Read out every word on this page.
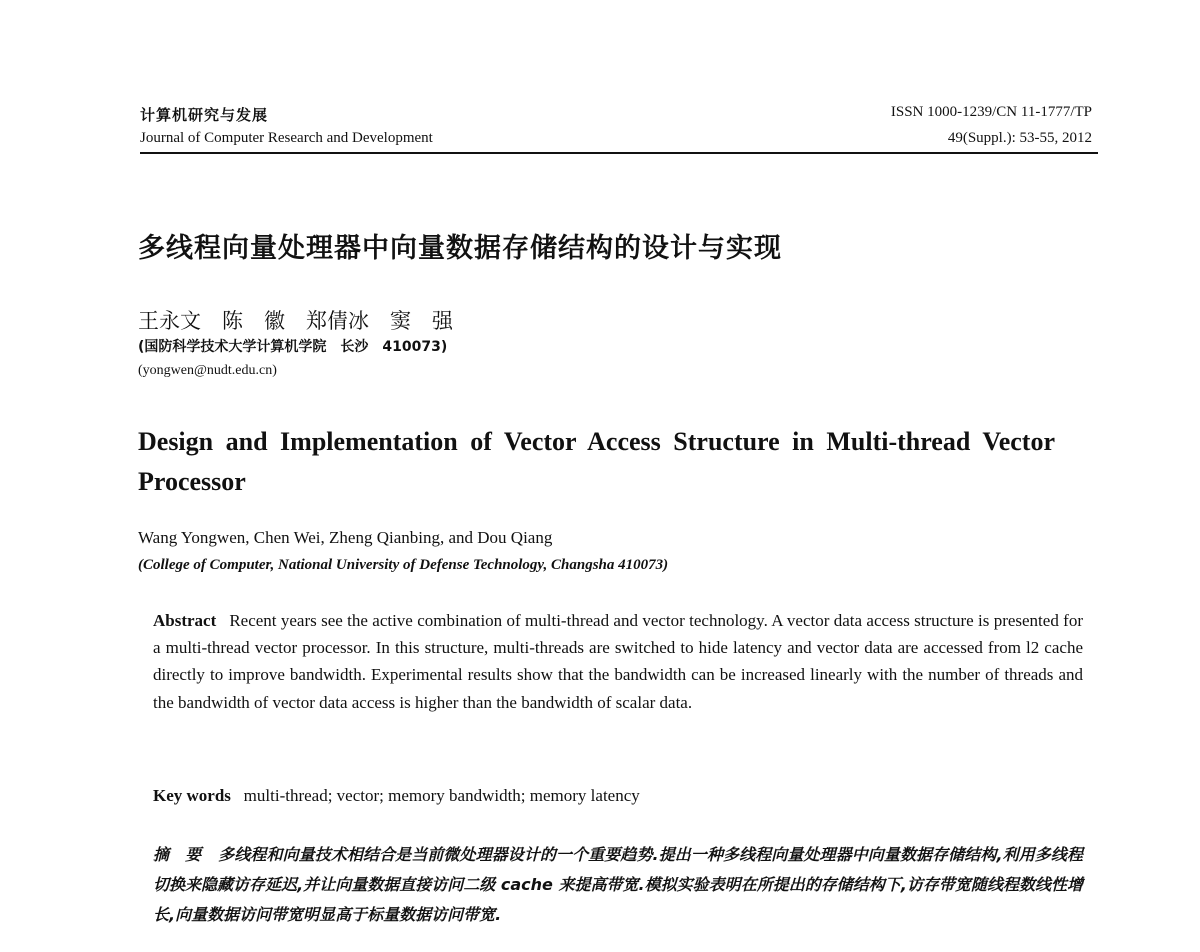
计算机研究与发展
Journal of Computer Research and Development
ISSN 1000-1239/CN 11-1777/TP
49(Suppl.): 53-55, 2012
多线程向量处理器中向量数据存储结构的设计与实现
王永文　陈　徽　郑倩冰　窦　强
(国防科学技术大学计算机学院　长沙　410073)
(yongwen@nudt.edu.cn)
Design and Implementation of Vector Access Structure in Multi-thread Vector Processor
Wang Yongwen, Chen Wei, Zheng Qianbing, and Dou Qiang
(College of Computer, National University of Defense Technology, Changsha 410073)
Abstract Recent years see the active combination of multi-thread and vector technology. A vector data access structure is presented for a multi-thread vector processor. In this structure, multi-threads are switched to hide latency and vector data are accessed from l2 cache directly to improve bandwidth. Experimental results show that the bandwidth can be increased linearly with the number of threads and the bandwidth of vector data access is higher than the bandwidth of scalar data.
Key words multi-thread; vector; memory bandwidth; memory latency
摘　要 多线程和向量技术相结合是当前微处理器设计的一个重要趋势.提出一种多线程向量处理器中向量数据存储结构,利用多线程切换来隐藏访存延迟,并让向量数据直接访问二级 cache 来提高带宽.模拟实验表明在所提出的存储结构下,访存带宽随线程数线性增长,向量数据访问带宽明显高于标量数据访问带宽.
